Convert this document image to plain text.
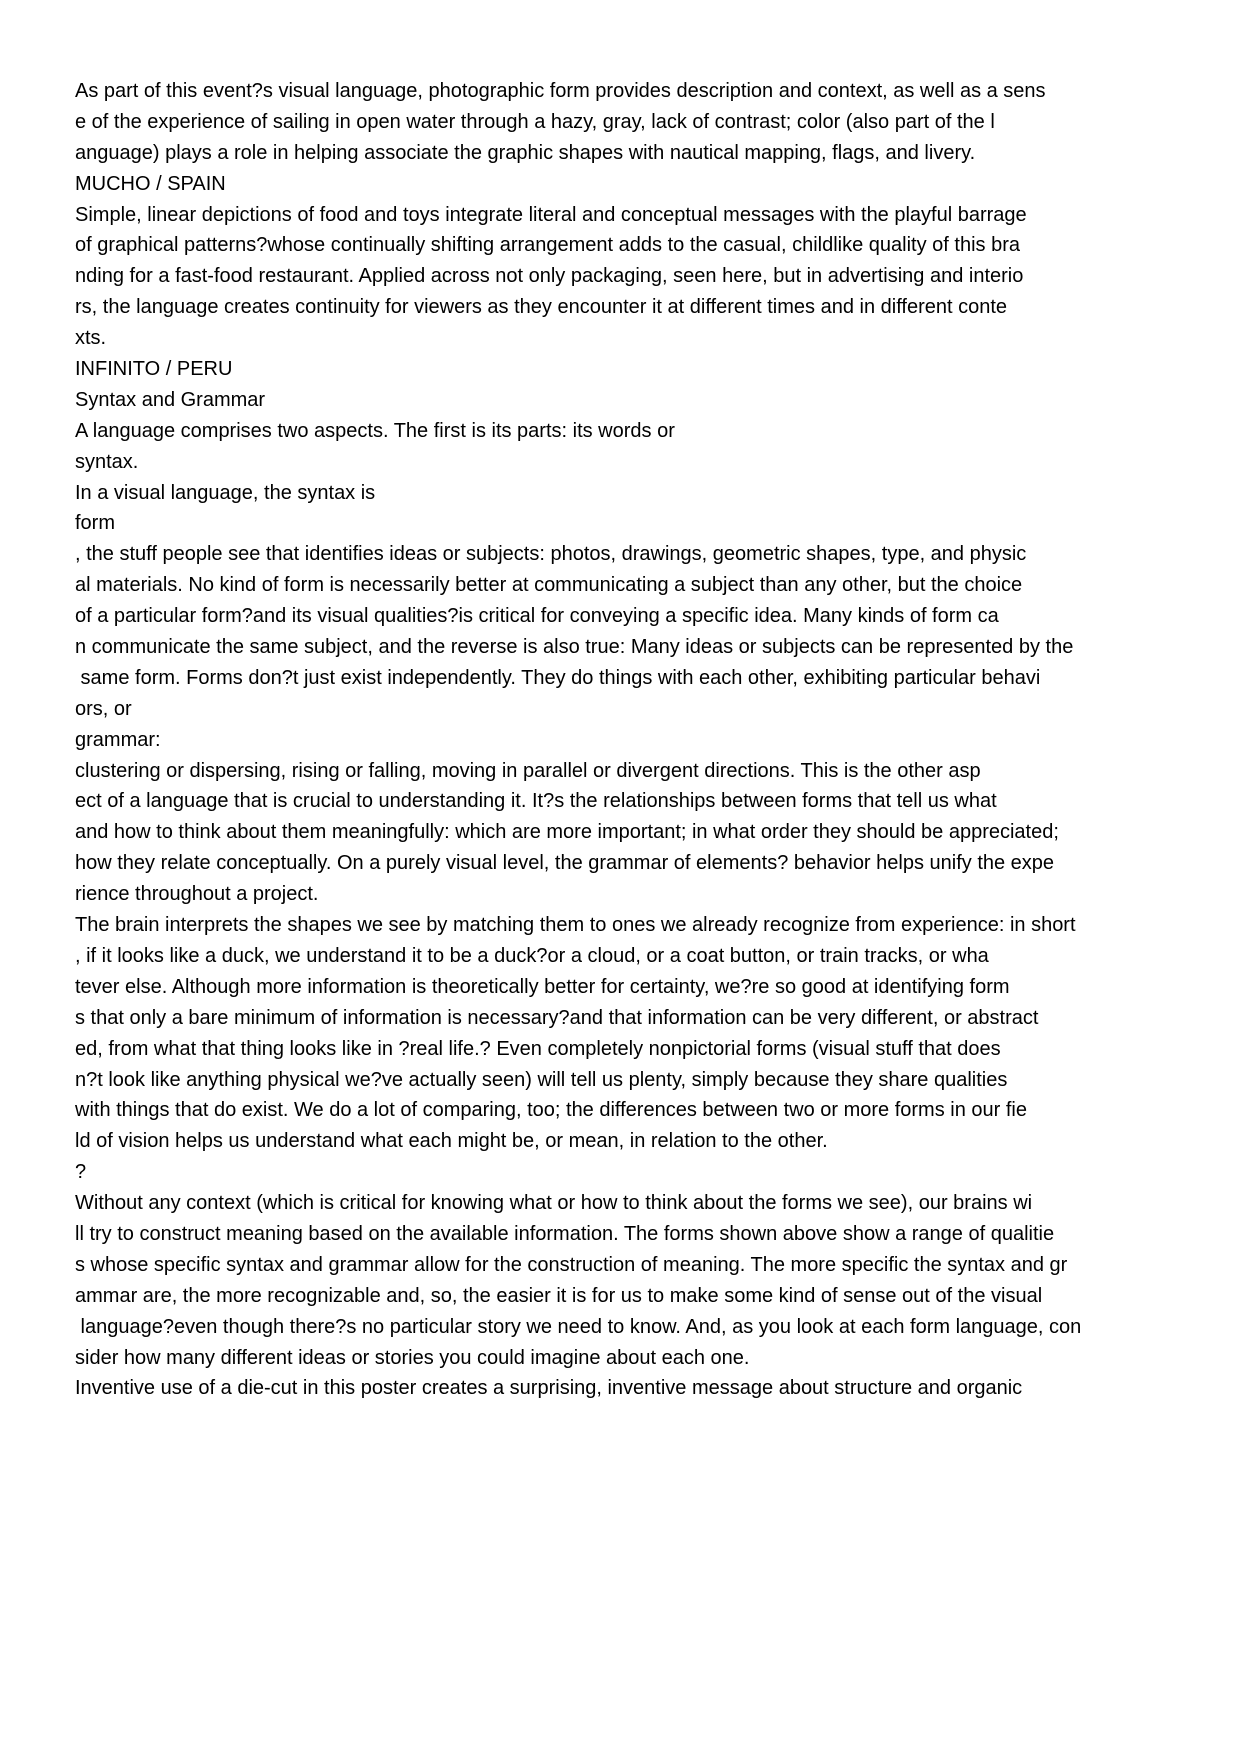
As part of this event?s visual language, photographic form provides description and context, as well as a sens
e of the experience of sailing in open water through a hazy, gray, lack of contrast; color (also part of the l
anguage) plays a role in helping associate the graphic shapes with nautical mapping, flags, and livery.
MUCHO / SPAIN
Simple, linear depictions of food and toys integrate literal and conceptual messages with the playful barrage
of graphical patterns?whose continually shifting arrangement adds to the casual, childlike quality of this bra
nding for a fast-food restaurant. Applied across not only packaging, seen here, but in advertising and interio
rs, the language creates continuity for viewers as they encounter it at different times and in different conte
xts.
INFINITO / PERU
Syntax and Grammar
A language comprises two aspects. The first is its parts: its words or
syntax.
In a visual language, the syntax is
form
, the stuff people see that identifies ideas or subjects: photos, drawings, geometric shapes, type, and physic
al materials. No kind of form is necessarily better at communicating a subject than any other, but the choice
of a particular form?and its visual qualities?is critical for conveying a specific idea. Many kinds of form ca
n communicate the same subject, and the reverse is also true: Many ideas or subjects can be represented by the
same form. Forms don?t just exist independently. They do things with each other, exhibiting particular behavi
ors, or
grammar:
clustering or dispersing, rising or falling, moving in parallel or divergent directions. This is the other asp
ect of a language that is crucial to understanding it. It?s the relationships between forms that tell us what
and how to think about them meaningfully: which are more important; in what order they should be appreciated;
how they relate conceptually. On a purely visual level, the grammar of elements? behavior helps unify the expe
rience throughout a project.
The brain interprets the shapes we see by matching them to ones we already recognize from experience: in short
, if it looks like a duck, we understand it to be a duck?or a cloud, or a coat button, or train tracks, or wha
tever else. Although more information is theoretically better for certainty, we?re so good at identifying form
s that only a bare minimum of information is necessary?and that information can be very different, or abstract
ed, from what that thing looks like in ?real life.? Even completely nonpictorial forms (visual stuff that does
n?t look like anything physical we?ve actually seen) will tell us plenty, simply because they share qualities
with things that do exist. We do a lot of comparing, too; the differences between two or more forms in our fie
ld of vision helps us understand what each might be, or mean, in relation to the other.
?
Without any context (which is critical for knowing what or how to think about the forms we see), our brains wi
ll try to construct meaning based on the available information. The forms shown above show a range of qualitie
s whose specific syntax and grammar allow for the construction of meaning. The more specific the syntax and gr
ammar are, the more recognizable and, so, the easier it is for us to make some kind of sense out of the visual
language?even though there?s no particular story we need to know. And, as you look at each form language, con
sider how many different ideas or stories you could imagine about each one.
Inventive use of a die-cut in this poster creates a surprising, inventive message about structure and organic
